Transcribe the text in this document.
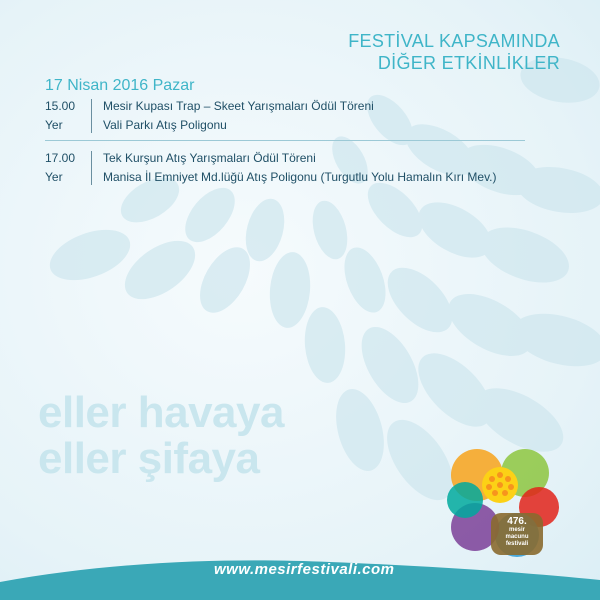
FESTİVAL KAPSAMINDA
DİĞER ETKİNLİKLER
17 Nisan 2016 Pazar
15.00
Yer
Mesir Kupası Trap – Skeet Yarışmaları Ödül Töreni
Vali Parkı Atış Poligonu
17.00
Yer
Tek Kurşun Atış Yarışmaları Ödül Töreni
Manisa İl Emniyet Md.lüğü Atış Poligonu (Turgutlu Yolu Hamalın Kırı Mev.)
eller havaya
eller şifaya
www.mesirfestivali.com
476.
mesir
macunu
festivali
